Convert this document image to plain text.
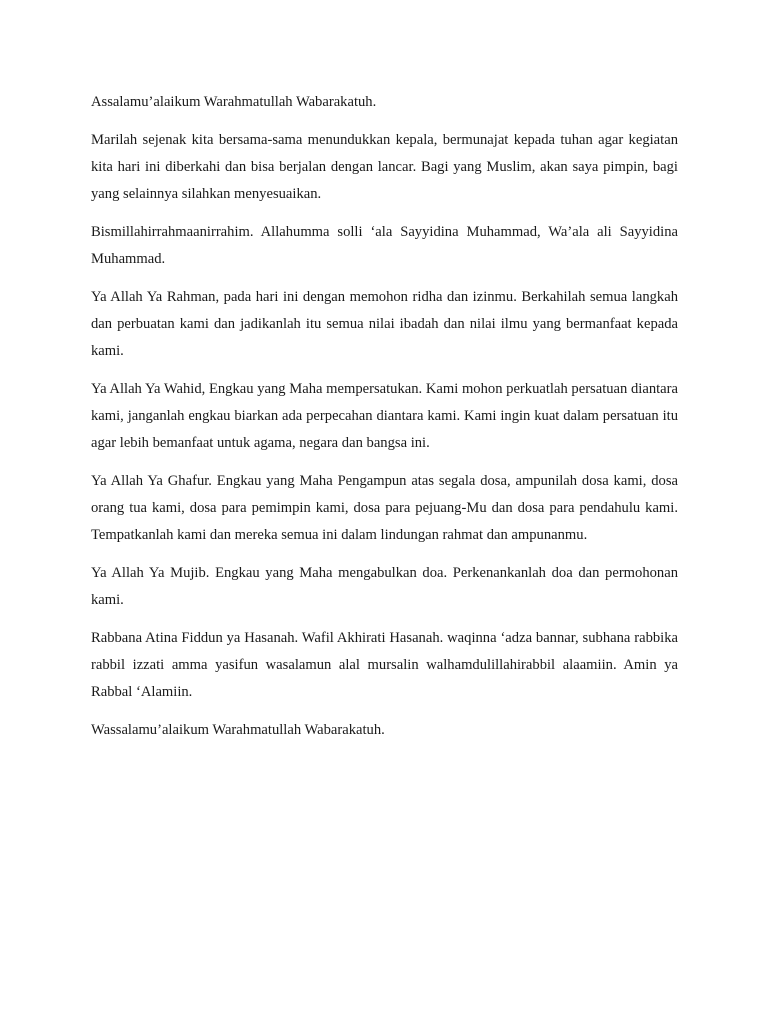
Assalamu’alaikum Warahmatullah Wabarakatuh.

Marilah sejenak kita bersama-sama menundukkan kepala, bermunajat kepada tuhan agar kegiatan kita hari ini diberkahi dan bisa berjalan dengan lancar. Bagi yang Muslim, akan saya pimpin, bagi yang selainnya silahkan menyesuaikan.

Bismillahirrahmaanirrahim. Allahumma solli ‘ala Sayyidina Muhammad, Wa’ala ali Sayyidina Muhammad.

Ya Allah Ya Rahman, pada hari ini dengan memohon ridha dan izinmu. Berkahilah semua langkah dan perbuatan kami dan jadikanlah itu semua nilai ibadah dan nilai ilmu yang bermanfaat kepada kami.

Ya Allah Ya Wahid, Engkau yang Maha mempersatukan. Kami mohon perkuatlah persatuan diantara kami, janganlah engkau biarkan ada perpecahan diantara kami. Kami ingin kuat dalam persatuan itu agar lebih bemanfaat untuk agama, negara dan bangsa ini.

Ya Allah Ya Ghafur. Engkau yang Maha Pengampun atas segala dosa, ampunilah dosa kami, dosa orang tua kami, dosa para pemimpin kami, dosa para pejuang-Mu dan dosa para pendahulu kami. Tempatkanlah kami dan mereka semua ini dalam lindungan rahmat dan ampunanmu.

Ya Allah Ya Mujib. Engkau yang Maha mengabulkan doa. Perkenankanlah doa dan permohonan kami.

Rabbana Atina Fiddun ya Hasanah. Wafil Akhirati Hasanah. waqinna ‘adza bannar, subhana rabbika rabbil izzati amma yasifun wasalamun alal mursalin walhamdulillahirabbil alaamiin. Amin ya Rabbal ‘Alamiin.

Wassalamu’alaikum Warahmatullah Wabarakatuh.
